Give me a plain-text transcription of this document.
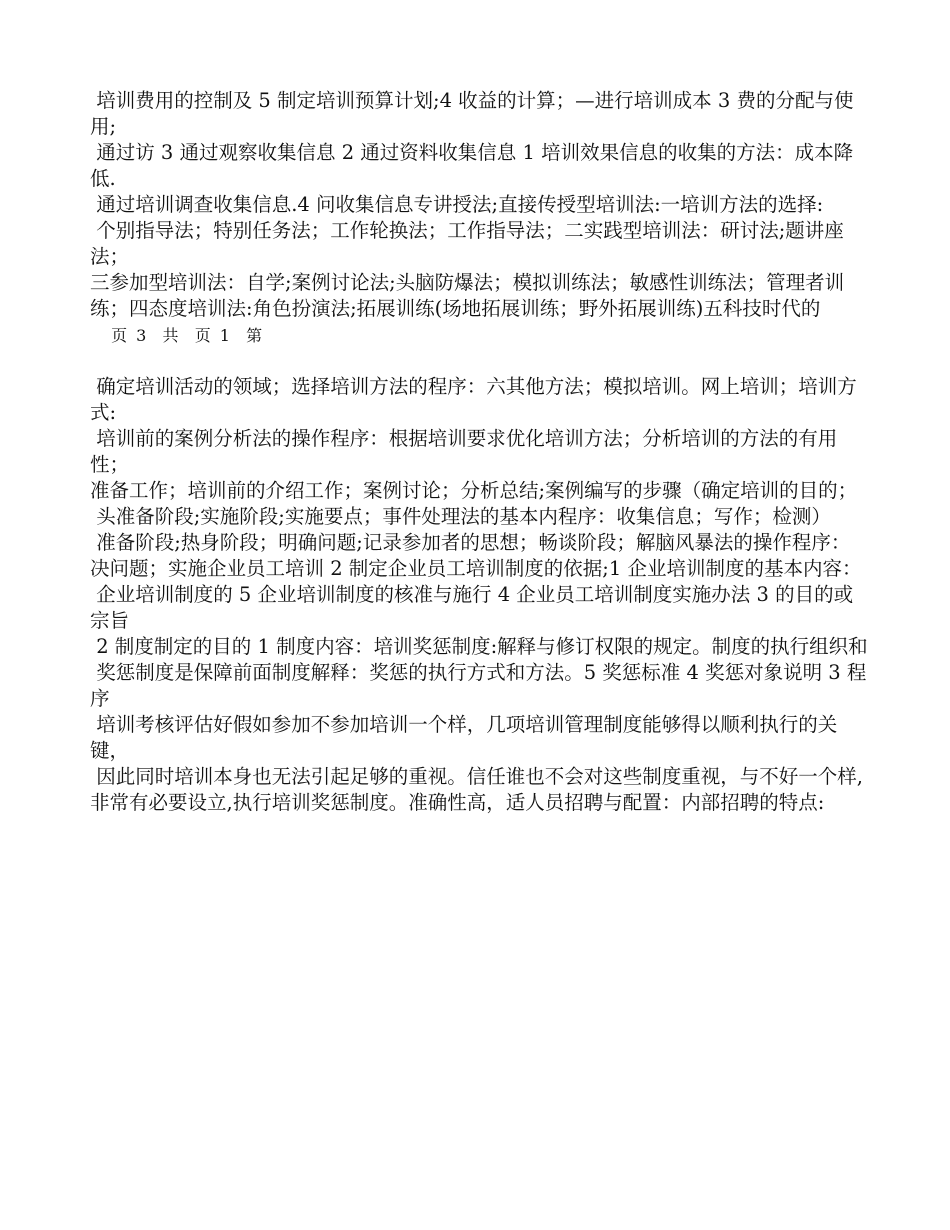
培训费用的控制及 5 制定培训预算计划;4 收益的计算；—进行培训成本 3 费的分配与使用;

通过访 3 通过观察收集信息 2 通过资料收集信息 1 培训效果信息的收集的方法：成本降低.

通过培训调查收集信息.4 问收集信息专讲授法;直接传授型培训法:一培训方法的选择:

个别指导法；特别任务法；工作轮换法；工作指导法；二实践型培训法：研讨法;题讲座法；

三参加型培训法：自学;案例讨论法;头脑防爆法；模拟训练法；敏感性训练法；管理者训

练；四态度培训法:角色扮演法;拓展训练(场地拓展训练；野外拓展训练)五科技时代的

页 3  共  页 1  第

确定培训活动的领域；选择培训方法的程序：六其他方法；模拟培训。网上培训；培训方式:

培训前的案例分析法的操作程序：根据培训要求优化培训方法；分析培训的方法的有用性；

准备工作；培训前的介绍工作；案例讨论；分析总结;案例编写的步骤（确定培训的目的；

头准备阶段;实施阶段;实施要点；事件处理法的基本内程序：收集信息；写作；检测）

准备阶段;热身阶段；明确问题;记录参加者的思想；畅谈阶段；解脑风暴法的操作程序：

决问题；实施企业员工培训 2 制定企业员工培训制度的依据;1 企业培训制度的基本内容：

企业培训制度的 5 企业培训制度的核准与施行 4 企业员工培训制度实施办法 3 的目的或宗旨

2 制度制定的目的 1 制度内容：培训奖惩制度:解释与修订权限的规定。制度的执行组织和

奖惩制度是保障前面制度解释：奖惩的执行方式和方法。5 奖惩标准 4 奖惩对象说明 3 程序

培训考核评估好假如参加不参加培训一个样，几项培训管理制度能够得以顺利执行的关键，

因此同时培训本身也无法引起足够的重视。信任谁也不会对这些制度重视，与不好一个样,

非常有必要设立,执行培训奖惩制度。准确性高，适人员招聘与配置：内部招聘的特点:
